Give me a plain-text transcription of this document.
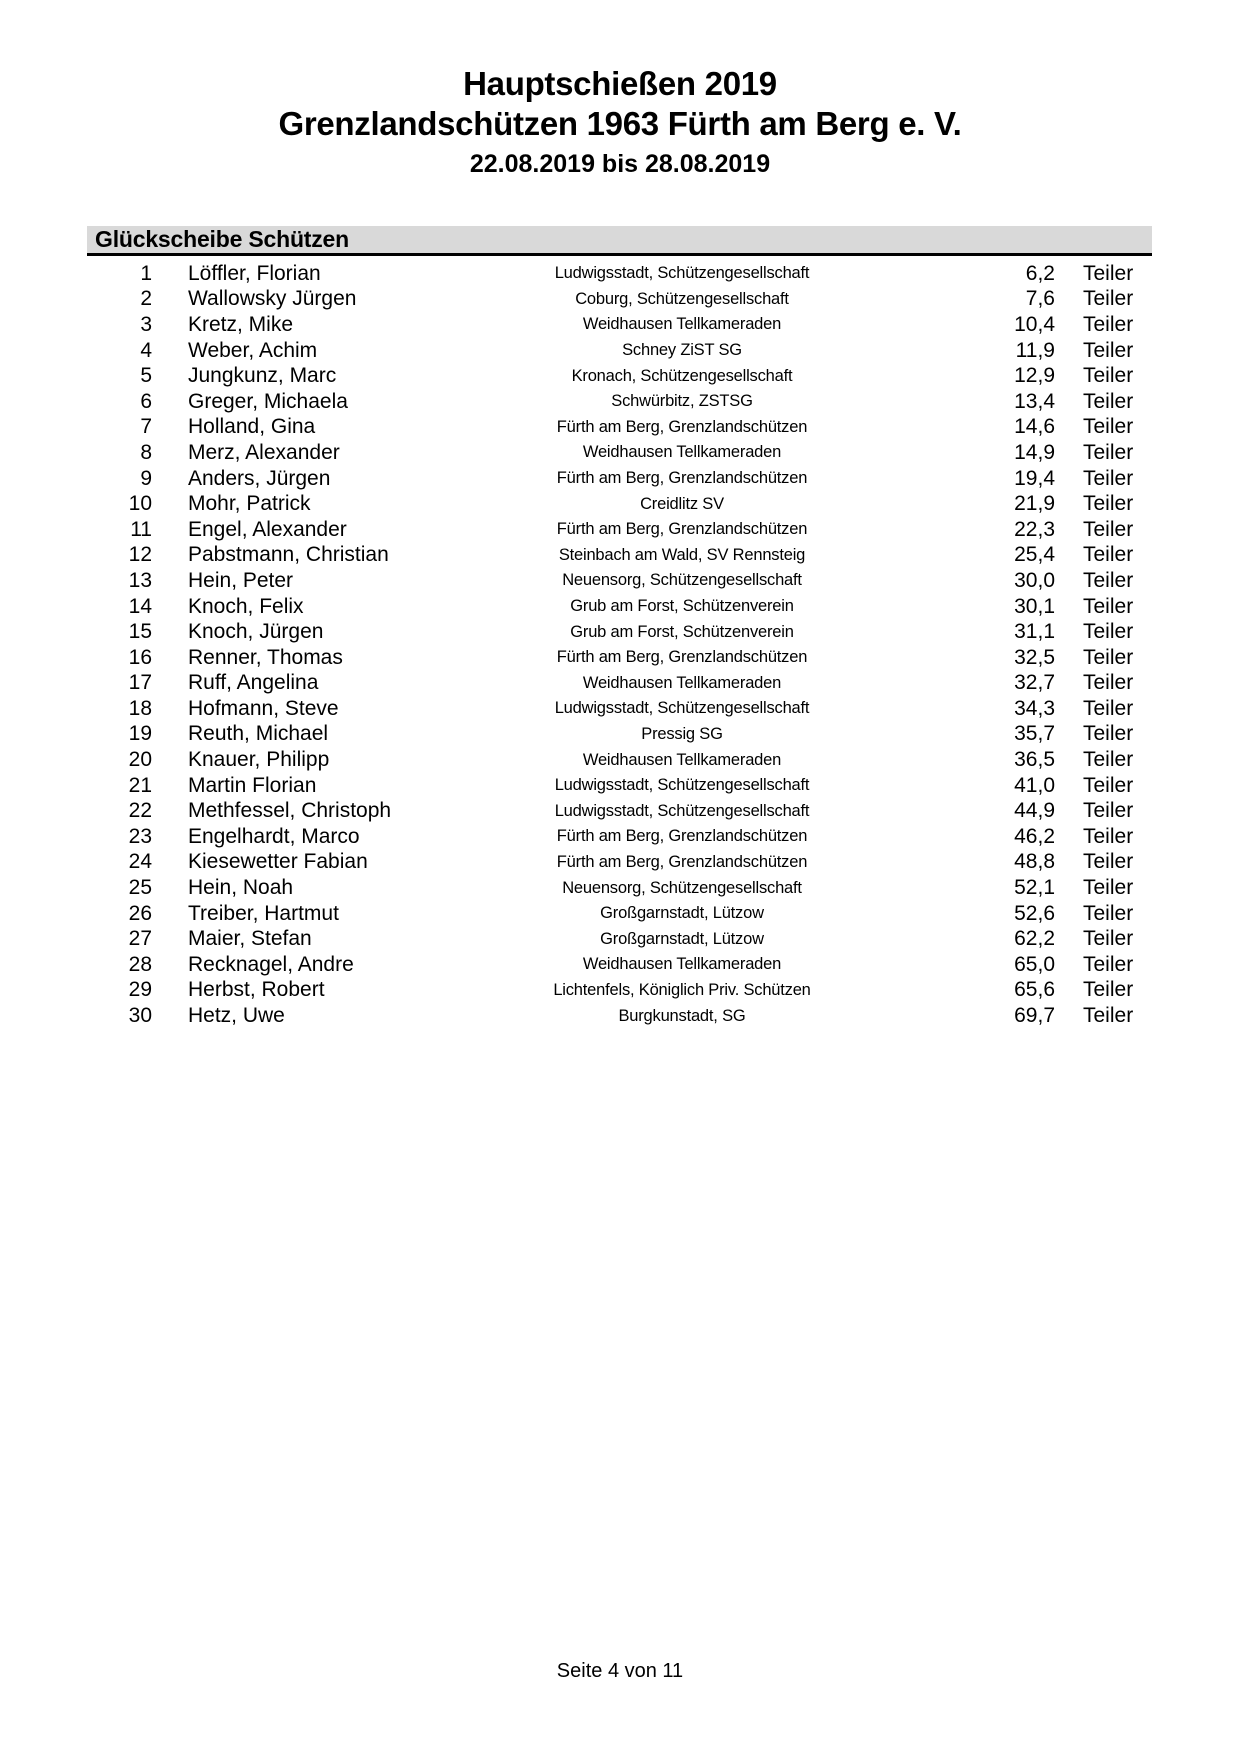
Hauptschießen 2019
Grenzlandschützen 1963 Fürth am Berg e. V.
22.08.2019 bis 28.08.2019
Glückscheibe Schützen
1	Löffler, Florian	Ludwigsstadt, Schützengesellschaft	6,2 Teiler
2	Wallowsky Jürgen	Coburg, Schützengesellschaft	7,6 Teiler
3	Kretz, Mike	Weidhausen Tellkameraden	10,4 Teiler
4	Weber, Achim	Schney ZiST SG	11,9 Teiler
5	Jungkunz, Marc	Kronach, Schützengesellschaft	12,9 Teiler
6	Greger, Michaela	Schwürbitz, ZSTSG	13,4 Teiler
7	Holland, Gina	Fürth am Berg, Grenzlandschützen	14,6 Teiler
8	Merz, Alexander	Weidhausen Tellkameraden	14,9 Teiler
9	Anders, Jürgen	Fürth am Berg, Grenzlandschützen	19,4 Teiler
10	Mohr, Patrick	Creidlitz SV	21,9 Teiler
11	Engel, Alexander	Fürth am Berg, Grenzlandschützen	22,3 Teiler
12	Pabstmann, Christian	Steinbach am Wald, SV Rennsteig	25,4 Teiler
13	Hein, Peter	Neuensorg, Schützengesellschaft	30,0 Teiler
14	Knoch, Felix	Grub am Forst, Schützenverein	30,1 Teiler
15	Knoch, Jürgen	Grub am Forst, Schützenverein	31,1 Teiler
16	Renner, Thomas	Fürth am Berg, Grenzlandschützen	32,5 Teiler
17	Ruff, Angelina	Weidhausen Tellkameraden	32,7 Teiler
18	Hofmann, Steve	Ludwigsstadt, Schützengesellschaft	34,3 Teiler
19	Reuth, Michael	Pressig SG	35,7 Teiler
20	Knauer, Philipp	Weidhausen Tellkameraden	36,5 Teiler
21	Martin Florian	Ludwigsstadt, Schützengesellschaft	41,0 Teiler
22	Methfessel, Christoph	Ludwigsstadt, Schützengesellschaft	44,9 Teiler
23	Engelhardt, Marco	Fürth am Berg, Grenzlandschützen	46,2 Teiler
24	Kiesewetter Fabian	Fürth am Berg, Grenzlandschützen	48,8 Teiler
25	Hein, Noah	Neuensorg, Schützengesellschaft	52,1 Teiler
26	Treiber, Hartmut	Großgarnstadt, Lützow	52,6 Teiler
27	Maier, Stefan	Großgarnstadt, Lützow	62,2 Teiler
28	Recknagel, Andre	Weidhausen Tellkameraden	65,0 Teiler
29	Herbst, Robert	Lichtenfels, Königlich Priv. Schützen	65,6 Teiler
30	Hetz, Uwe	Burgkunstadt, SG	69,7 Teiler
Seite 4 von 11
